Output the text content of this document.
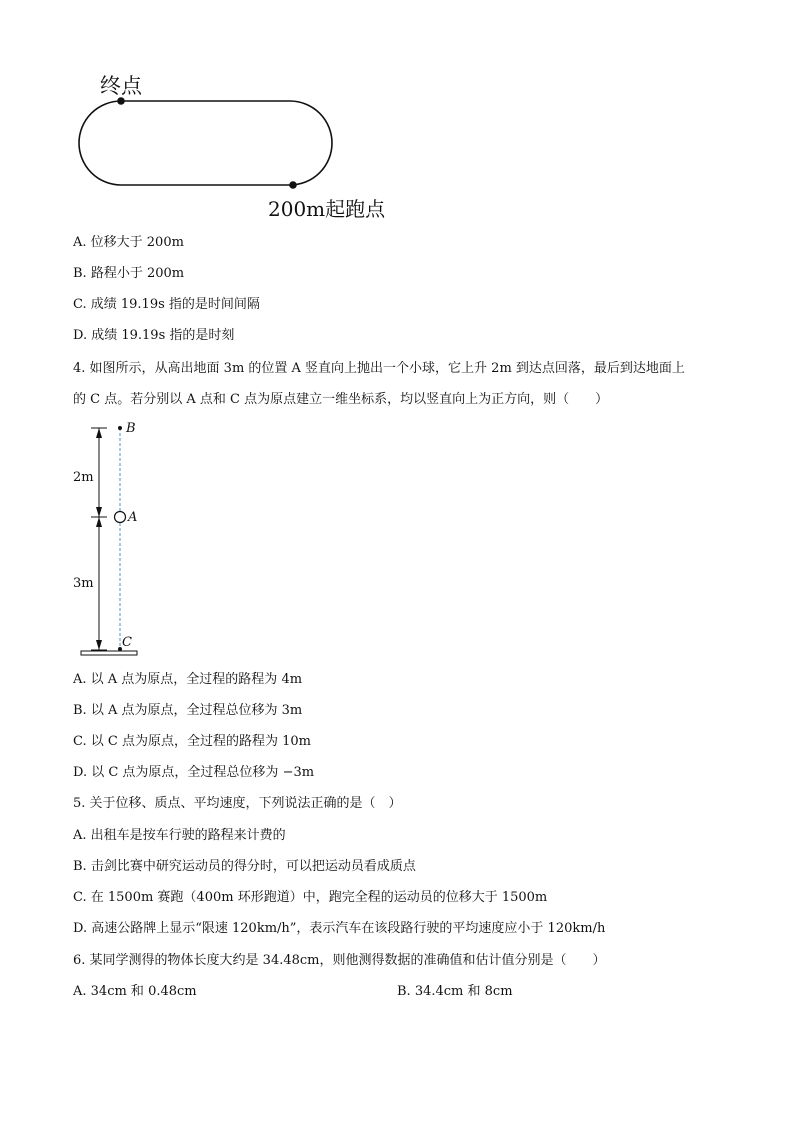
终点
200m起跑点
A. 位移大于 200m
B. 路程小于 200m
C. 成绩 19.19s 指的是时间间隔
D. 成绩 19.19s 指的是时刻
4. 如图所示，从高出地面 3m 的位置 A 竖直向上抛出一个小球，它上升 2m 到达点回落，最后到达地面上
的 C 点。若分别以 A 点和 C 点为原点建立一维坐标系，均以竖直向上为正方向，则（　　）
B
A
C
2m
3m
A. 以 A 点为原点，全过程的路程为 4m
B. 以 A 点为原点，全过程总位移为 3m
C. 以 C 点为原点，全过程的路程为 10m
D. 以 C 点为原点，全过程总位移为 −3m
5. 关于位移、质点、平均速度，下列说法正确的是（　）
A. 出租车是按车行驶的路程来计费的
B. 击剑比赛中研究运动员的得分时，可以把运动员看成质点
C. 在 1500m 赛跑（400m 环形跑道）中，跑完全程的运动员的位移大于 1500m
D. 高速公路牌上显示“限速 120km/h”，表示汽车在该段路行驶的平均速度应小于 120km/h
6. 某同学测得的物体长度大约是 34.48cm，则他测得数据的准确值和估计值分别是（　　）
A. 34cm 和 0.48cm	B. 34.4cm 和 8cm
